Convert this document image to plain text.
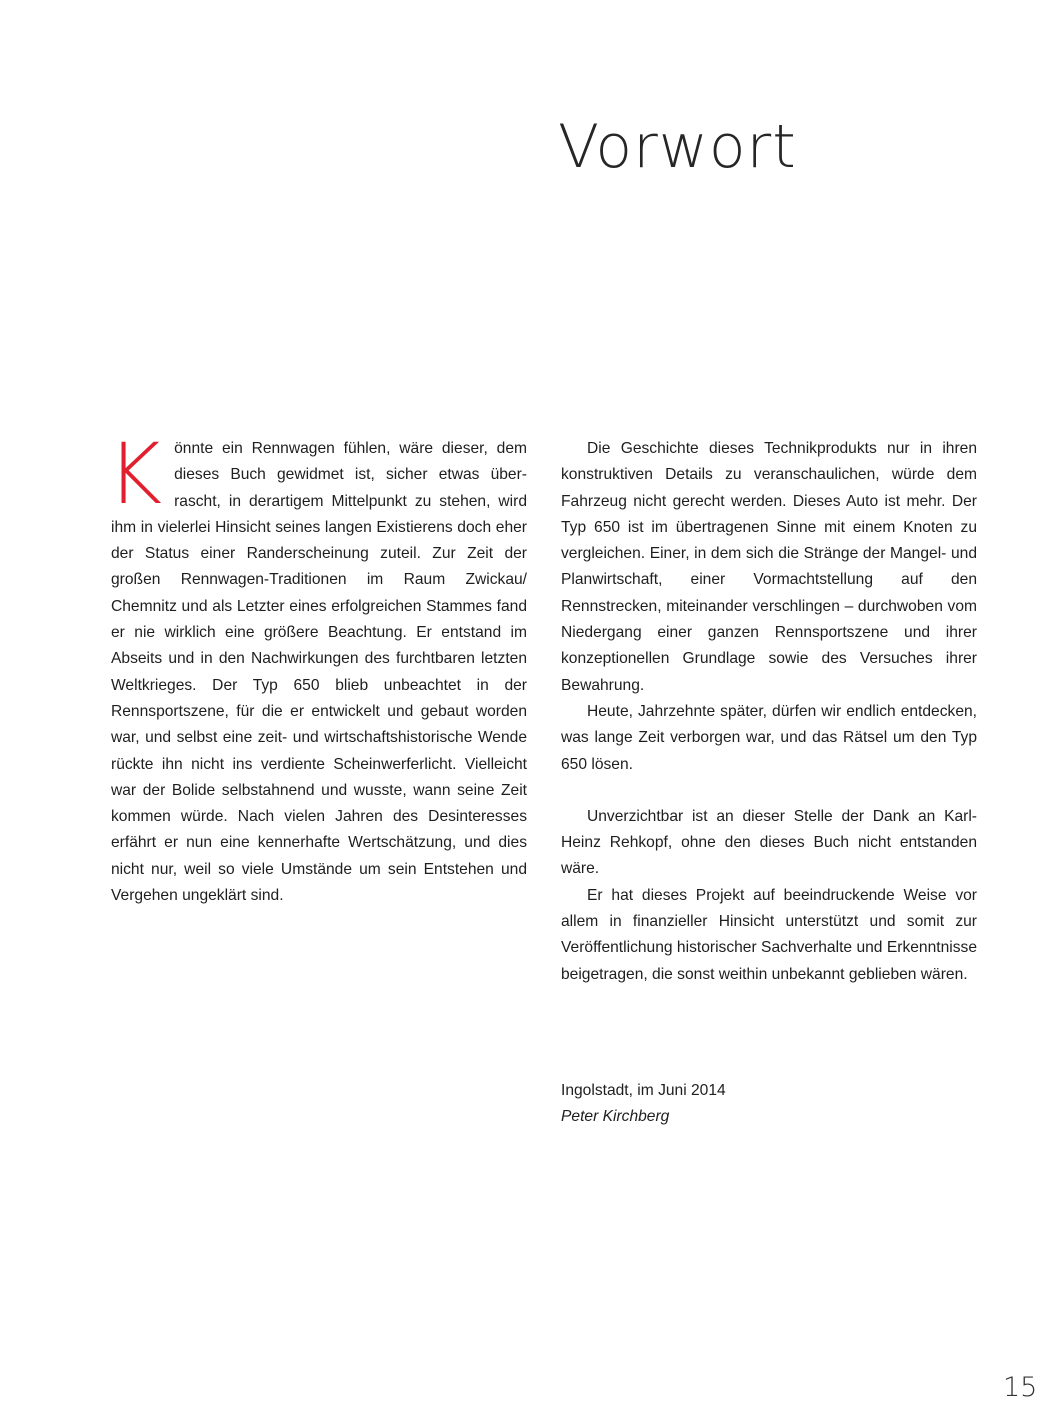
Vorwort

Könnte ein Rennwagen fühlen, wäre dieser, dem dieses Buch gewidmet ist, sicher etwas überrascht, in derartigem Mittelpunkt zu stehen, wird ihm in vielerlei Hinsicht seines langen Existierens doch eher der Status einer Randerscheinung zuteil. Zur Zeit der großen Rennwagen-Traditionen im Raum Zwickau/ Chemnitz und als Letzter eines erfolgreichen Stammes fand er nie wirklich eine größere Beachtung. Er entstand im Abseits und in den Nachwirkungen des furchtbaren letzten Weltkrieges. Der Typ 650 blieb unbeachtet in der Rennsportszene, für die er entwickelt und gebaut worden war, und selbst eine zeit- und wirtschaftshistorische Wende rückte ihn nicht ins verdiente Scheinwerferlicht. Vielleicht war der Bolide selbstahnend und wusste, wann seine Zeit kommen würde. Nach vielen Jahren des Desinteresses erfährt er nun eine kennerhafte Wertschätzung, und dies nicht nur, weil so viele Umstände um sein Entstehen und Vergehen ungeklärt sind.

Die Geschichte dieses Technikprodukts nur in ihren konstruktiven Details zu veranschaulichen, würde dem Fahrzeug nicht gerecht werden. Dieses Auto ist mehr. Der Typ 650 ist im übertragenen Sinne mit einem Knoten zu vergleichen. Einer, in dem sich die Stränge der Mangel- und Planwirtschaft, einer Vormachtstellung auf den Rennstrecken, miteinander verschlingen – durchwoben vom Niedergang einer ganzen Rennsportszene und ihrer konzeptionellen Grundlage sowie des Versuches ihrer Bewahrung.

Heute, Jahrzehnte später, dürfen wir endlich entdecken, was lange Zeit verborgen war, und das Rätsel um den Typ 650 lösen.

Unverzichtbar ist an dieser Stelle der Dank an Karl-Heinz Rehkopf, ohne den dieses Buch nicht entstanden wäre.

Er hat dieses Projekt auf beeindruckende Weise vor allem in finanzieller Hinsicht unterstützt und somit zur Veröffentlichung historischer Sachverhalte und Erkenntnisse beigetragen, die sonst weithin unbekannt geblieben wären.

Ingolstadt, im Juni 2014

Peter Kirchberg

15
